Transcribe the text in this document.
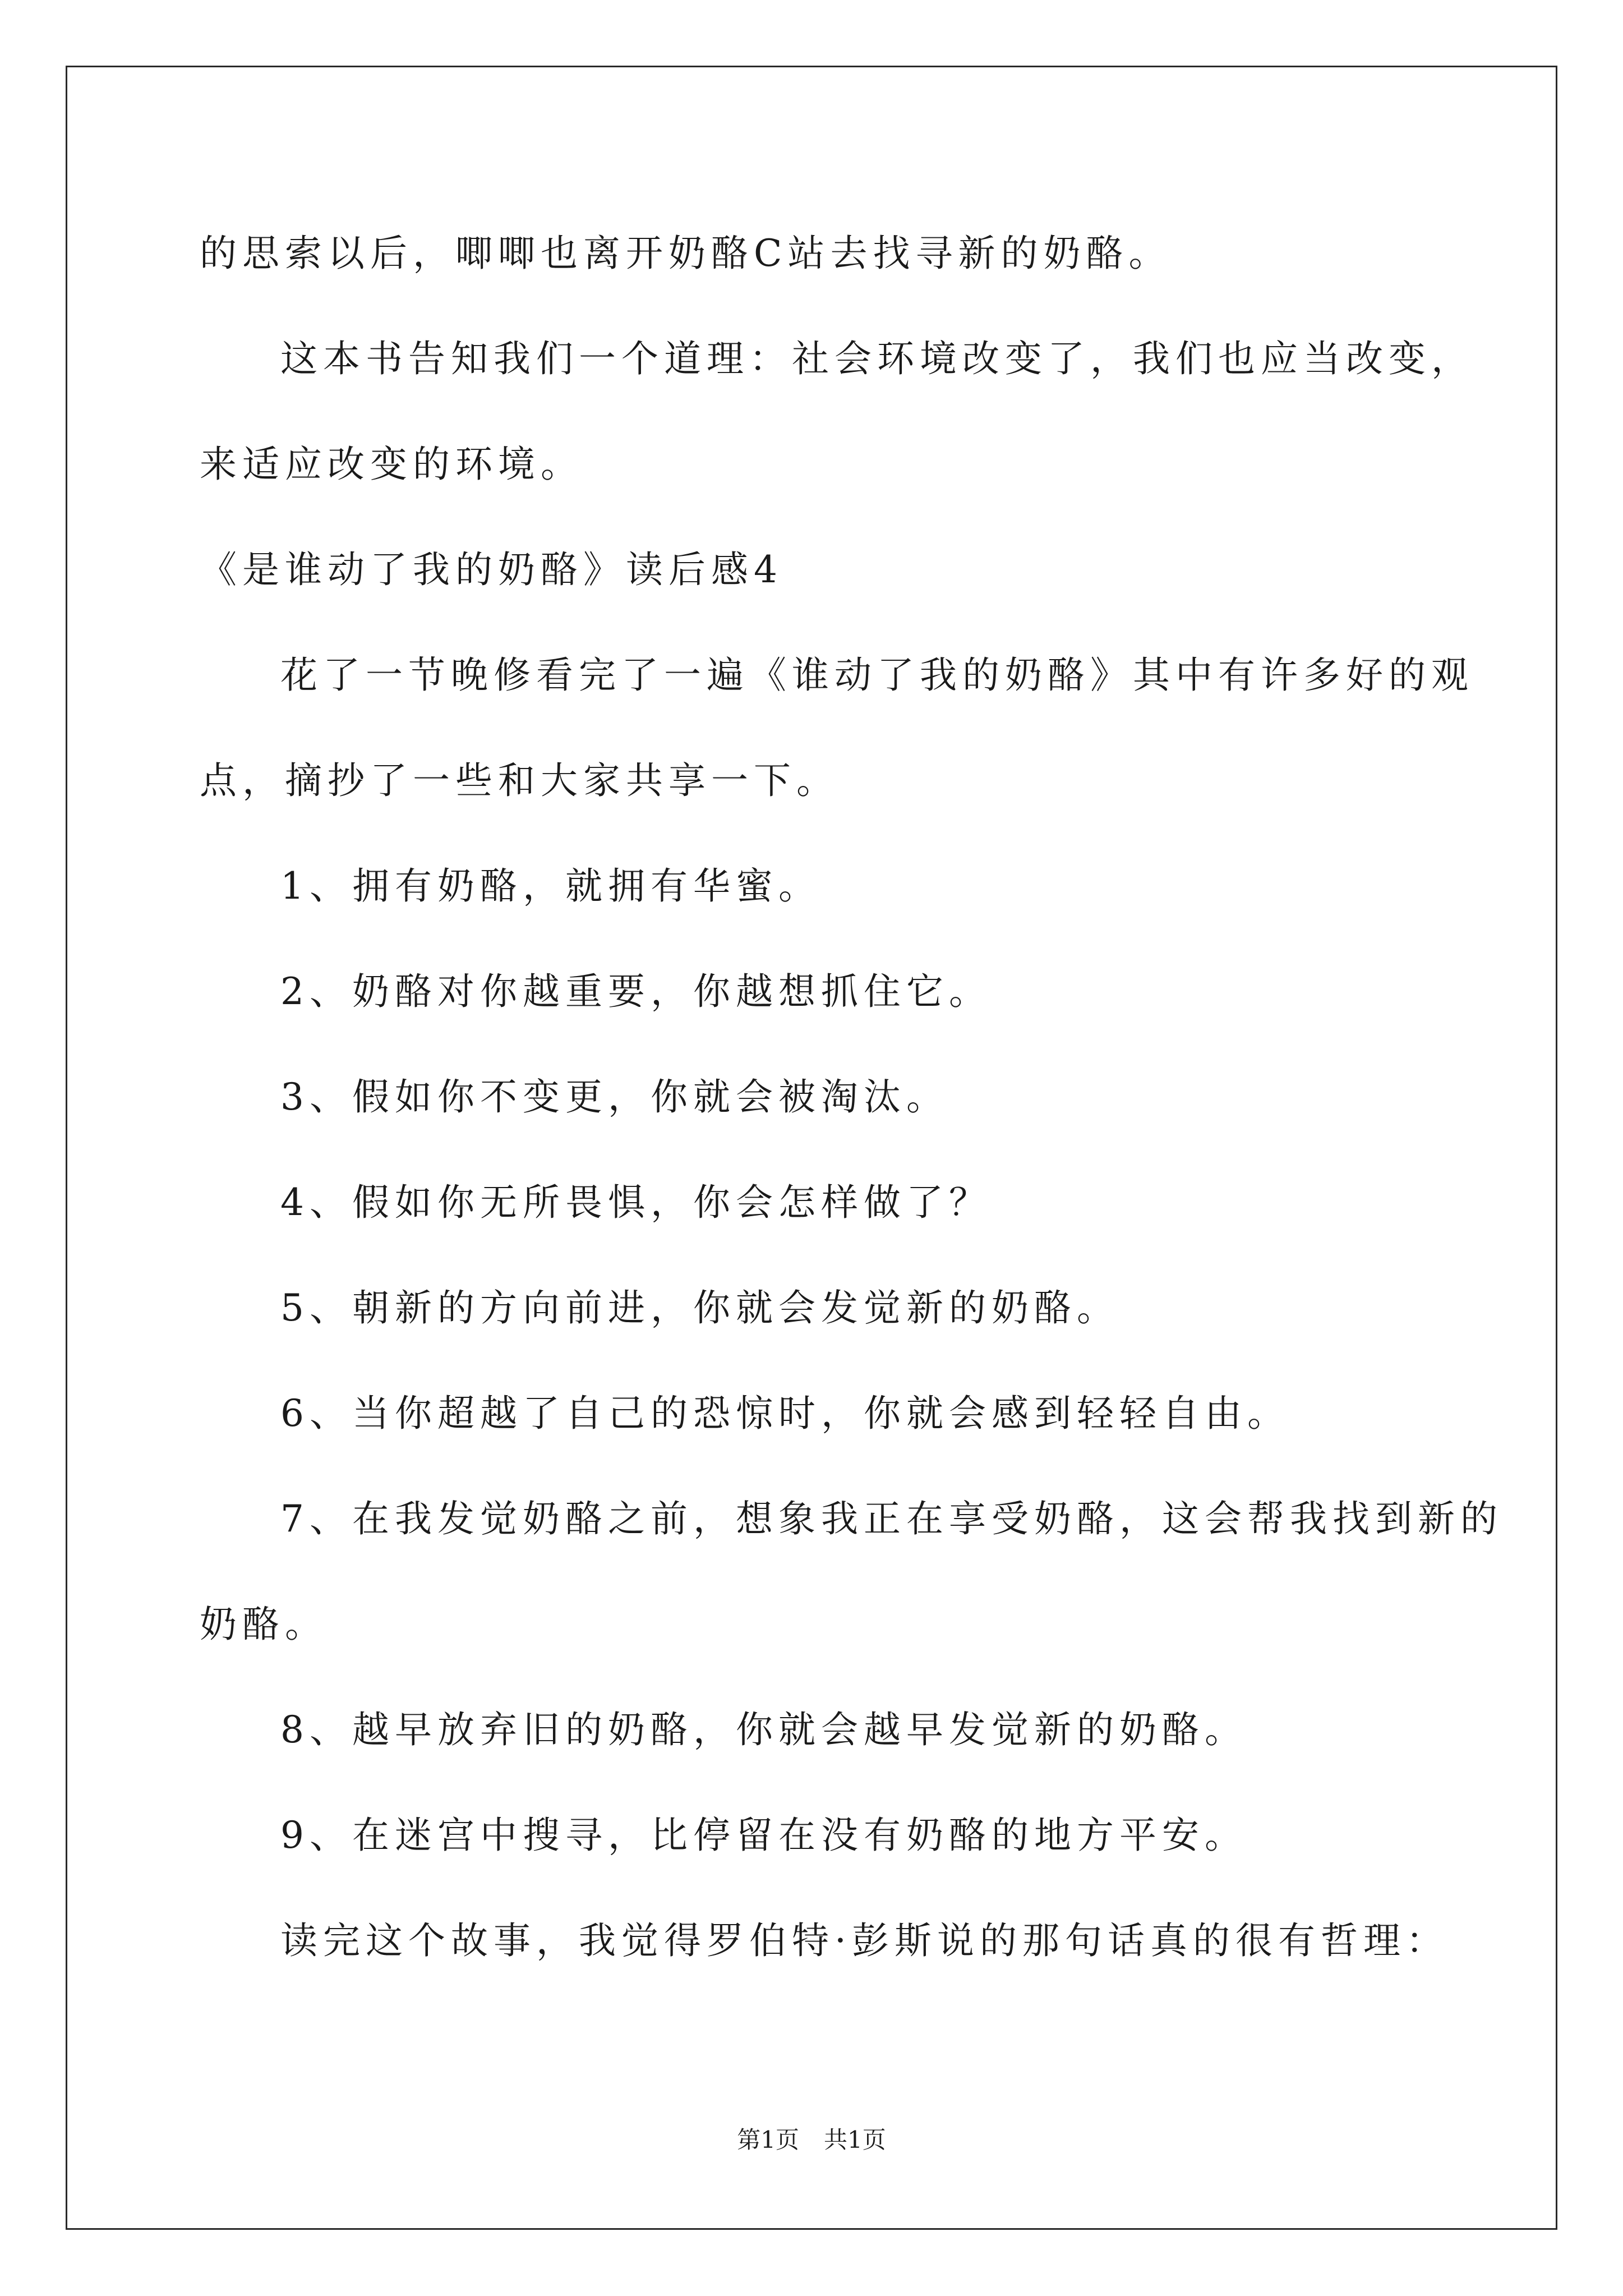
的思索以后，唧唧也离开奶酪C站去找寻新的奶酪。
这本书告知我们一个道理：社会环境改变了，我们也应当改变，
来适应改变的环境。
《是谁动了我的奶酪》读后感4
花了一节晚修看完了一遍《谁动了我的奶酪》其中有许多好的观
点，摘抄了一些和大家共享一下。
1、拥有奶酪，就拥有华蜜。
2、奶酪对你越重要，你越想抓住它。
3、假如你不变更，你就会被淘汰。
4、假如你无所畏惧，你会怎样做了？
5、朝新的方向前进，你就会发觉新的奶酪。
6、当你超越了自己的恐惊时，你就会感到轻轻自由。
7、在我发觉奶酪之前，想象我正在享受奶酪，这会帮我找到新的
奶酪。
8、越早放弃旧的奶酪，你就会越早发觉新的奶酪。
9、在迷宫中搜寻，比停留在没有奶酪的地方平安。
读完这个故事，我觉得罗伯特·彭斯说的那句话真的很有哲理：
第1页 共1页
